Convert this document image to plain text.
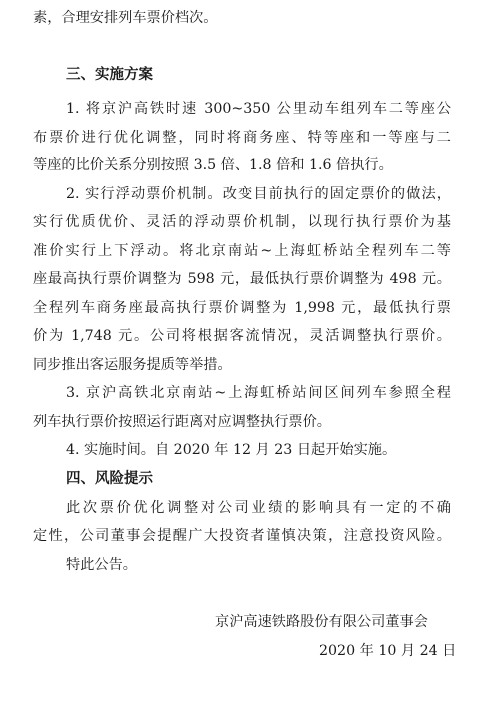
素，合理安排列车票价档次。
三、实施方案
1. 将京沪高铁时速 300~350 公里动车组列车二等座公
布票价进行优化调整，同时将商务座、特等座和一等座与二
等座的比价关系分别按照 3.5 倍、1.8 倍和 1.6 倍执行。
2. 实行浮动票价机制。改变目前执行的固定票价的做法，
实行优质优价、灵活的浮动票价机制，以现行执行票价为基
准价实行上下浮动。将北京南站~上海虹桥站全程列车二等
座最高执行票价调整为 598 元，最低执行票价调整为 498 元。
全程列车商务座最高执行票价调整为 1,998 元，最低执行票
价为 1,748 元。公司将根据客流情况，灵活调整执行票价。
同步推出客运服务提质等举措。
3. 京沪高铁北京南站~上海虹桥站间区间列车参照全程
列车执行票价按照运行距离对应调整执行票价。
4. 实施时间。自 2020 年 12 月 23 日起开始实施。
四、风险提示
此次票价优化调整对公司业绩的影响具有一定的不确
定性，公司董事会提醒广大投资者谨慎决策，注意投资风险。
特此公告。
京沪高速铁路股份有限公司董事会
2020 年 10 月 24 日
